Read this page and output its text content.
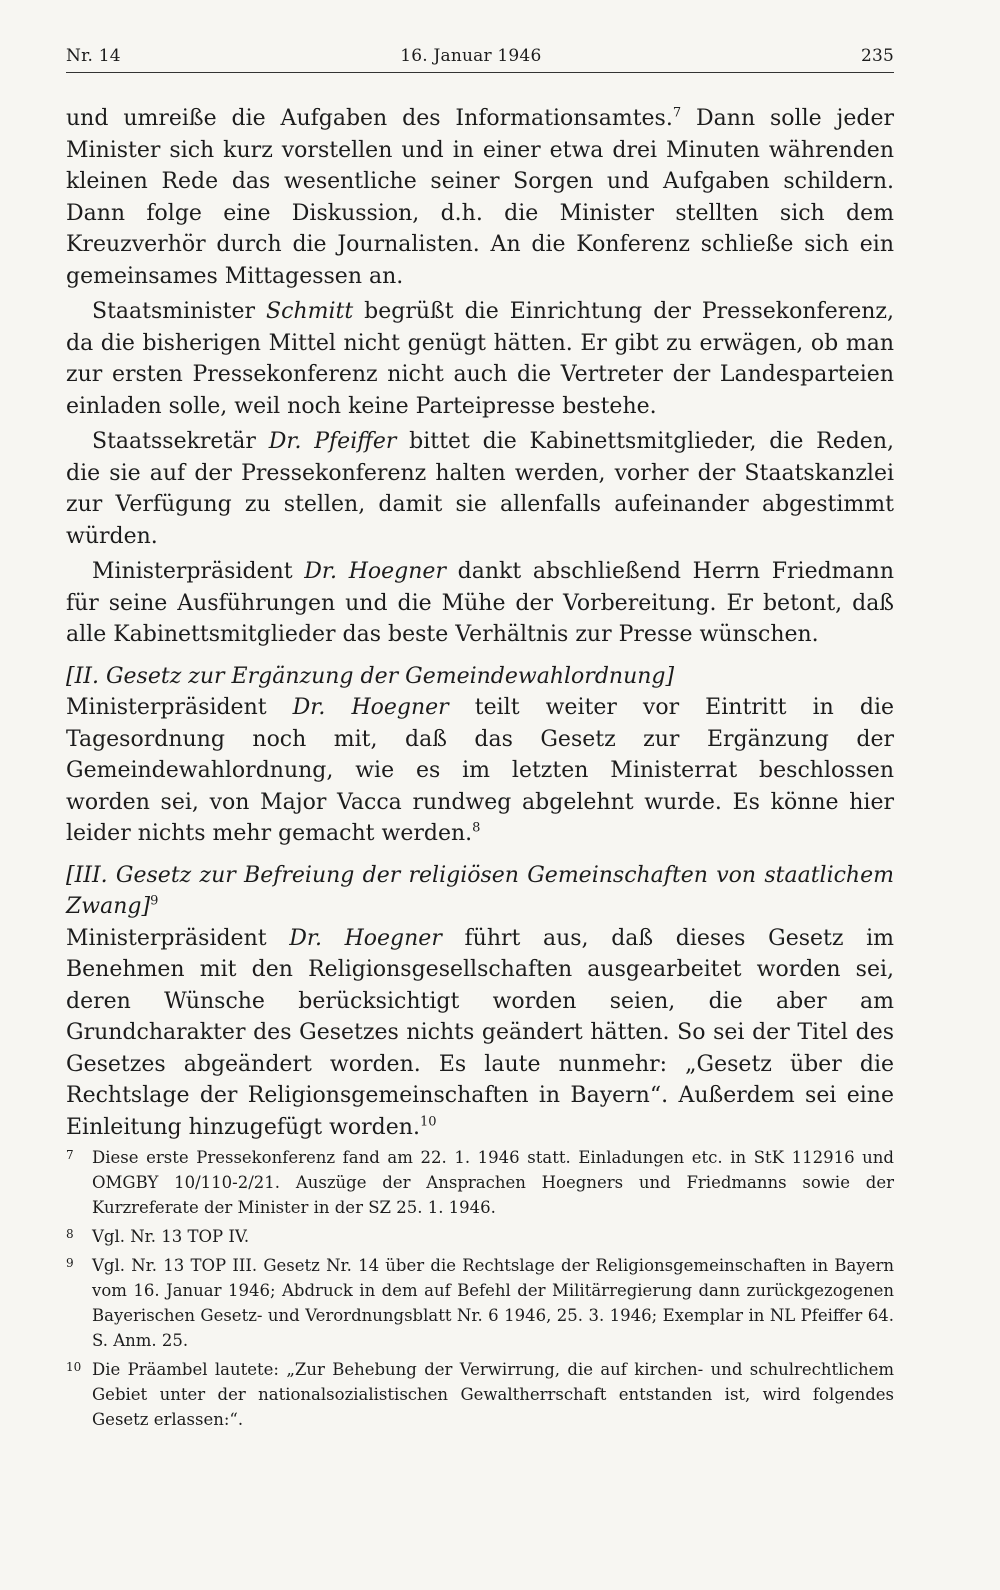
Nr. 14	16. Januar 1946	235

und umreiße die Aufgaben des Informationsamtes.$^7$ Dann solle jeder Minister sich kurz vorstellen und in einer etwa drei Minuten währenden kleinen Rede das wesentliche seiner Sorgen und Aufgaben schildern. Dann folge eine Diskussion, d.h. die Minister stellten sich dem Kreuzverhör durch die Journalisten. An die Konferenz schließe sich ein gemeinsames Mittagessen an.

Staatsminister Schmitt begrüßt die Einrichtung der Pressekonferenz, da die bisherigen Mittel nicht genügt hätten. Er gibt zu erwägen, ob man zur ersten Pressekonferenz nicht auch die Vertreter der Landesparteien einladen solle, weil noch keine Parteipresse bestehe.

Staatssekretär Dr. Pfeiffer bittet die Kabinettsmitglieder, die Reden, die sie auf der Pressekonferenz halten werden, vorher der Staatskanzlei zur Verfügung zu stellen, damit sie allenfalls aufeinander abgestimmt würden.

Ministerpräsident Dr. Hoegner dankt abschließend Herrn Friedmann für seine Ausführungen und die Mühe der Vorbereitung. Er betont, daß alle Kabinettsmitglieder das beste Verhältnis zur Presse wünschen.

[II. Gesetz zur Ergänzung der Gemeindewahlordnung]

Ministerpräsident Dr. Hoegner teilt weiter vor Eintritt in die Tagesordnung noch mit, daß das Gesetz zur Ergänzung der Gemeindewahlordnung, wie es im letzten Ministerrat beschlossen worden sei, von Major Vacca rundweg abgelehnt wurde. Es könne hier leider nichts mehr gemacht werden.$^8$

[III. Gesetz zur Befreiung der religiösen Gemeinschaften von staatlichem Zwang]$^9$

Ministerpräsident Dr. Hoegner führt aus, daß dieses Gesetz im Benehmen mit den Religionsgesellschaften ausgearbeitet worden sei, deren Wünsche berücksichtigt worden seien, die aber am Grundcharakter des Gesetzes nichts geändert hätten. So sei der Titel des Gesetzes abgeändert worden. Es laute nunmehr: „Gesetz über die Rechtslage der Religionsgemeinschaften in Bayern“. Außerdem sei eine Einleitung hinzugefügt worden.$^{10}$

7	Diese erste Pressekonferenz fand am 22. 1. 1946 statt. Einladungen etc. in StK 112916 und OMGBY 10/110-2/21. Auszüge der Ansprachen Hoegners und Friedmanns sowie der Kurzreferate der Minister in der SZ 25. 1. 1946.
8	Vgl. Nr. 13 TOP IV.
9	Vgl. Nr. 13 TOP III. Gesetz Nr. 14 über die Rechtslage der Religionsgemeinschaften in Bayern vom 16. Januar 1946; Abdruck in dem auf Befehl der Militärregierung dann zurückgezogenen Bayerischen Gesetz- und Verordnungsblatt Nr. 6 1946, 25. 3. 1946; Exemplar in NL Pfeiffer 64. S. Anm. 25.
10 Die Präambel lautete: „Zur Behebung der Verwirrung, die auf kirchen- und schulrechtlichem Gebiet unter der nationalsozialistischen Gewaltherrschaft entstanden ist, wird folgendes Gesetz erlassen:“.
